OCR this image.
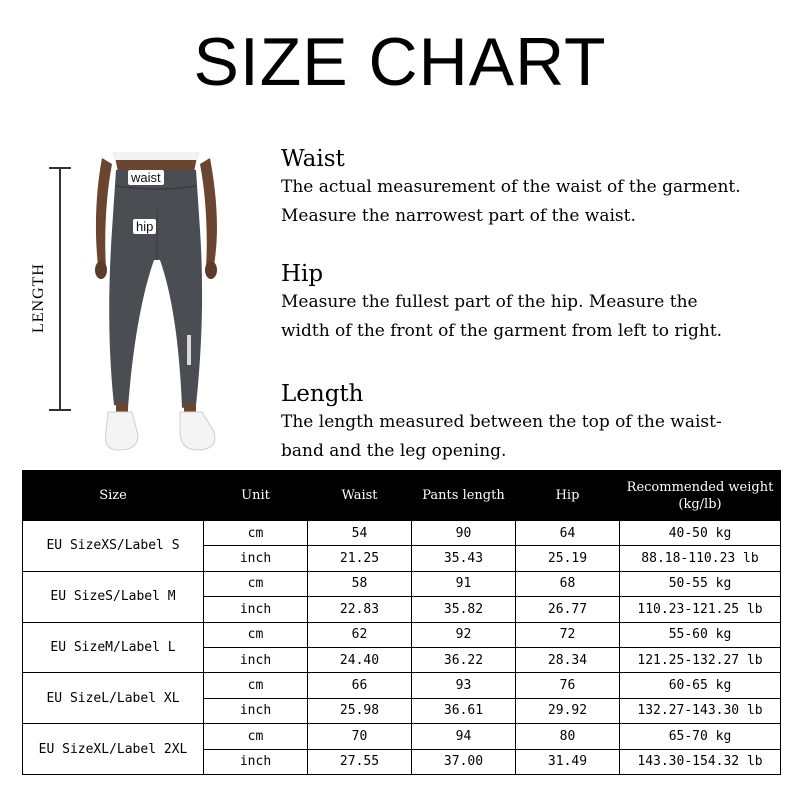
SIZE CHART
LENGTH
waist
hip
Waist

The actual measurement of the waist of the garment.

Measure the narrowest part of the waist.

Hip

Measure the fullest part of the hip. Measure the

width of the front of the garment from left to right.

Length

The length measured between the top of the waist-

band and the leg opening.

Size	Unit	Waist	Pants length	Hip	Recommended weight (kg/lb)
EU SizeXS/Label S	cm	54	90	64	40-50 kg
	inch	21.25	35.43	25.19	88.18-110.23 lb
EU SizeS/Label M	cm	58	91	68	50-55 kg
	inch	22.83	35.82	26.77	110.23-121.25 lb
EU SizeM/Label L	cm	62	92	72	55-60 kg
	inch	24.40	36.22	28.34	121.25-132.27 lb
EU SizeL/Label XL	cm	66	93	76	60-65 kg
	inch	25.98	36.61	29.92	132.27-143.30 lb
EU SizeXL/Label 2XL	cm	70	94	80	65-70 kg
	inch	27.55	37.00	31.49	143.30-154.32 lb
